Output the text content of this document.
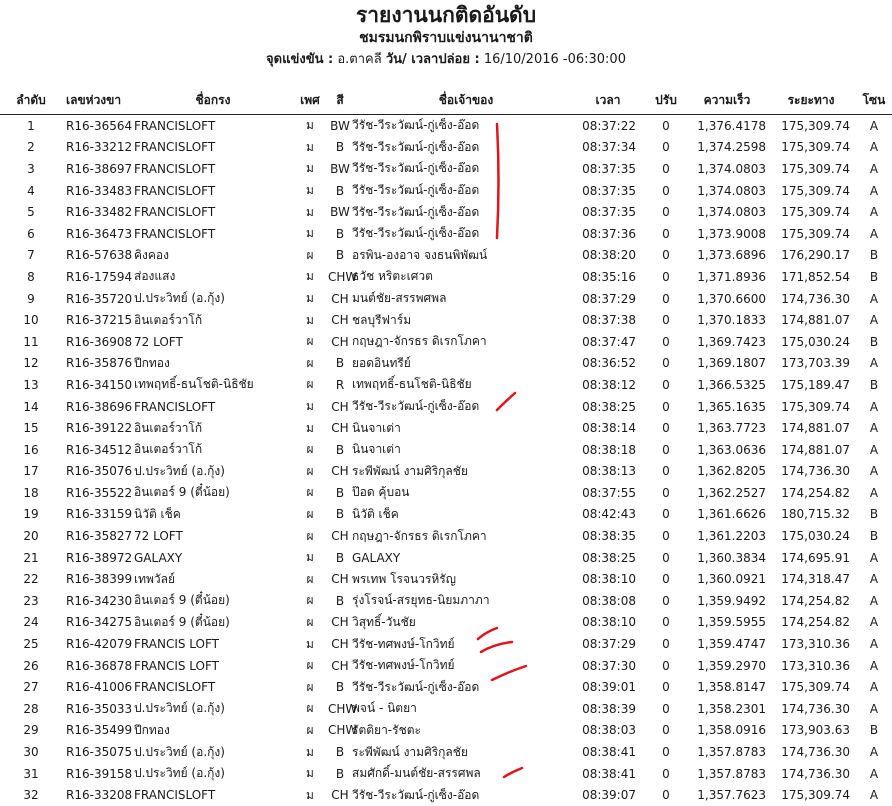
รายงานนกติดอันดับ
ชมรมนกพิราบแข่งนานาชาติ
จุดแข่งขัน : อ.ตาคลี วัน/ เวลาปล่อย : 16/10/2016 -06:30:00
ลำดับ	เลขห่วงขา	ชื่อกรง	เพศ	สี	ชื่อเจ้าของ	เวลา	ปรับ	ความเร็ว	ระยะทาง	โซน
1	R16-36564	FRANCISLOFT	ม	BW	วีรัช-วีระวัฒน์-กู่เซ็ง-อ๊อด	08:37:22	0	1,376.4178	175,309.74	A
2	R16-33212	FRANCISLOFT	ม	B	วีรัช-วีระวัฒน์-กู่เซ็ง-อ๊อด	08:37:34	0	1,374.2598	175,309.74	A
3	R16-38697	FRANCISLOFT	ม	BW	วีรัช-วีระวัฒน์-กู่เซ็ง-อ๊อด	08:37:35	0	1,374.0803	175,309.74	A
4	R16-33483	FRANCISLOFT	ม	B	วีรัช-วีระวัฒน์-กู่เซ็ง-อ๊อด	08:37:35	0	1,374.0803	175,309.74	A
5	R16-33482	FRANCISLOFT	ม	BW	วีรัช-วีระวัฒน์-กู่เซ็ง-อ๊อด	08:37:35	0	1,374.0803	175,309.74	A
6	R16-36473	FRANCISLOFT	ม	B	วีรัช-วีระวัฒน์-กู่เซ็ง-อ๊อด	08:37:36	0	1,373.9008	175,309.74	A
7	R16-57638	คิงคอง	ผ	B	อรพิน-องอาจ จงธนพิพัฒน์	08:38:20	0	1,373.6896	176,290.17	B
8	R16-17594	ส่องแสง	ม	CHW	ธวัช หริตะเศวต	08:35:16	0	1,371.8936	171,852.54	B
9	R16-35720	ป.ประวิทย์ (อ.กุ้ง)	ม	CH	มนต์ชัย-สรรพศพล	08:37:29	0	1,370.6600	174,736.30	A
10	R16-37215	อินเตอร์วาโก้	ม	CH	ชลบุรีฟาร์ม	08:37:38	0	1,370.1833	174,881.07	A
11	R16-36908	72 LOFT	ผ	CH	กฤษฎา-จักรธร ดิเรกโภคา	08:37:47	0	1,369.7423	175,030.24	B
12	R16-35876	ปีกทอง	ผ	B	ยอดอินทรีย์	08:36:52	0	1,369.1807	173,703.39	A
13	R16-34150	เทพฤทธิ์-ธนโชติ-นิธิชัย	ผ	R	เทพฤทธิ์-ธนโชติ-นิธิชัย	08:38:12	0	1,366.5325	175,189.47	B
14	R16-38696	FRANCISLOFT	ม	CH	วีรัช-วีระวัฒน์-กู่เซ็ง-อ๊อด	08:38:25	0	1,365.1635	175,309.74	A
15	R16-39122	อินเตอร์วาโก้	ม	CH	นินจาเต่า	08:38:14	0	1,363.7723	174,881.07	A
16	R16-34512	อินเตอร์วาโก้	ผ	B	นินจาเต่า	08:38:18	0	1,363.0636	174,881.07	A
17	R16-35076	ป.ประวิทย์ (อ.กุ้ง)	ผ	CH	ระพีพัฒน์ งามศิริกุลชัย	08:38:13	0	1,362.8205	174,736.30	A
18	R16-35522	อินเตอร์ 9 (ตี๋น้อย)	ผ	B	ป๊อด คุ้บอน	08:37:55	0	1,362.2527	174,254.82	A
19	R16-33159	นิวัติ เช็ค	ผ	B	นิวัติ เช็ค	08:42:43	0	1,361.6626	180,715.32	B
20	R16-35827	72 LOFT	ผ	CH	กฤษฎา-จักรธร ดิเรกโภคา	08:38:35	0	1,361.2203	175,030.24	B
21	R16-38972	GALAXY	ม	B	GALAXY	08:38:25	0	1,360.3834	174,695.91	A
22	R16-38399	เทพวัลย์	ผ	CH	พรเทพ โรจนวรหิรัญ	08:38:10	0	1,360.0921	174,318.47	A
23	R16-34230	อินเตอร์ 9 (ตี๋น้อย)	ผ	B	รุ่งโรจน์-สรยุทธ-นิยมภาภา	08:38:08	0	1,359.9492	174,254.82	A
24	R16-34275	อินเตอร์ 9 (ตี๋น้อย)	ผ	CH	วิสุทธิ์-วันชัย	08:38:10	0	1,359.5955	174,254.82	A
25	R16-42079	FRANCIS LOFT	ม	CH	วีรัช-ทศพงษ์-โกวิทย์	08:37:29	0	1,359.4747	173,310.36	A
26	R16-36878	FRANCIS LOFT	ผ	CH	วีรัช-ทศพงษ์-โกวิทย์	08:37:30	0	1,359.2970	173,310.36	A
27	R16-41006	FRANCISLOFT	ผ	B	วีรัช-วีระวัฒน์-กู่เซ็ง-อ๊อด	08:39:01	0	1,358.8147	175,309.74	A
28	R16-35033	ป.ประวิทย์ (อ.กุ้ง)	ผ	CHW	พจน์ - นิตยา	08:38:39	0	1,358.2301	174,736.30	A
29	R16-35499	ปีกทอง	ผ	CHW	รัตติยา-รัชตะ	08:38:03	0	1,358.0916	173,903.63	B
30	R16-35075	ป.ประวิทย์ (อ.กุ้ง)	ม	B	ระพีพัฒน์ งามศิริกุลชัย	08:38:41	0	1,357.8783	174,736.30	A
31	R16-39158	ป.ประวิทย์ (อ.กุ้ง)	ม	B	สมศักดิ์-มนต์ชัย-สรรศพล	08:38:41	0	1,357.8783	174,736.30	A
32	R16-33208	FRANCISLOFT	ม	CH	วีรัช-วีระวัฒน์-กู่เซ็ง-อ๊อด	08:39:07	0	1,357.7623	175,309.74	A
